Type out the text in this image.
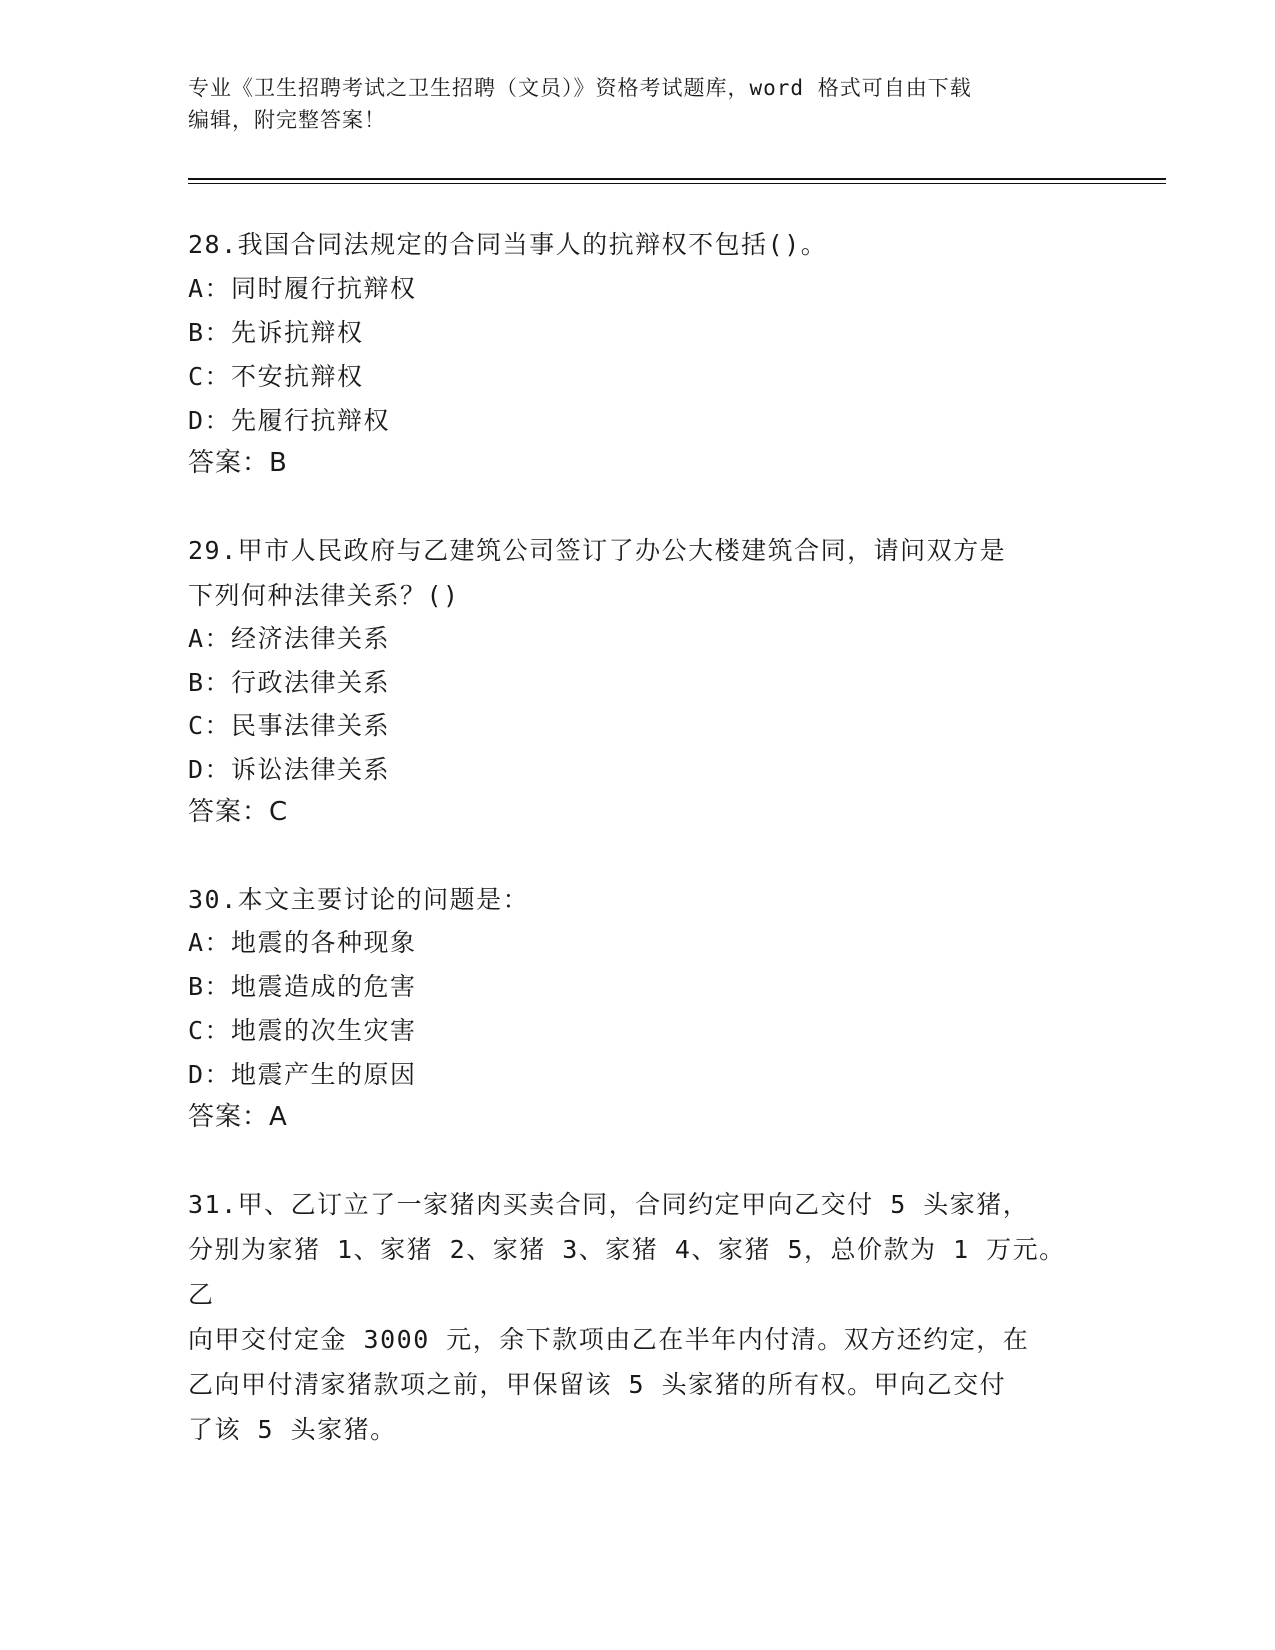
专业《卫生招聘考试之卫生招聘（文员）》资格考试题库，word 格式可自由下载
编辑，附完整答案！
28.我国合同法规定的合同当事人的抗辩权不包括()。
A：同时履行抗辩权
B：先诉抗辩权
C：不安抗辩权
D：先履行抗辩权
答案：B
29.甲市人民政府与乙建筑公司签订了办公大楼建筑合同，请问双方是
下列何种法律关系？()
A：经济法律关系
B：行政法律关系
C：民事法律关系
D：诉讼法律关系
答案：C
30.本文主要讨论的问题是：
A：地震的各种现象
B：地震造成的危害
C：地震的次生灾害
D：地震产生的原因
答案：A
31.甲、乙订立了一家猪肉买卖合同，合同约定甲向乙交付 5 头家猪，
分别为家猪 1、家猪 2、家猪 3、家猪 4、家猪 5，总价款为 1 万元。乙
向甲交付定金 3000 元，余下款项由乙在半年内付清。双方还约定，在
乙向甲付清家猪款项之前，甲保留该 5 头家猪的所有权。甲向乙交付
了该 5 头家猪。
